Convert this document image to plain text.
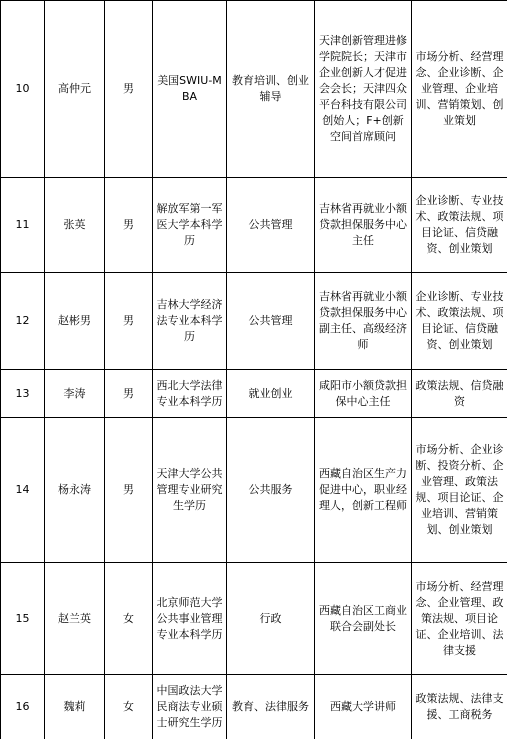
10	高仲元	男	美国SWIU-MBA	教育培训、创业辅导	天津创新管理进修学院院长；天津市企业创新人才促进会会长；天津四众平台科技有限公司创始人；F+创新空间首席顾问	市场分析、经营理念、企业诊断、企业管理、企业培训、营销策划、创业策划
11	张英	男	解放军第一军医大学本科学历	公共管理	吉林省再就业小额贷款担保服务中心主任	企业诊断、专业技术、政策法规、项目论证、信贷融资、创业策划
12	赵彬男	男	吉林大学经济法专业本科学历	公共管理	吉林省再就业小额贷款担保服务中心副主任、高级经济师	企业诊断、专业技术、政策法规、项目论证、信贷融资、创业策划
13	李涛	男	西北大学法律专业本科学历	就业创业	咸阳市小额贷款担保中心主任	政策法规、信贷融资
14	杨永涛	男	天津大学公共管理专业研究生学历	公共服务	西藏自治区生产力促进中心，职业经理人，创新工程师	市场分析、企业诊断、投资分析、企业管理、政策法规、项目论证、企业培训、营销策划、创业策划
15	赵兰英	女	北京师范大学公共事业管理专业本科学历	行政	西藏自治区工商业联合会副处长	市场分析、经营理念、企业管理、政策法规、项目论证、企业培训、法律支援
16	魏莉	女	中国政法大学民商法专业硕士研究生学历	教育、法律服务	西藏大学讲师	政策法规、法律支援、工商税务
